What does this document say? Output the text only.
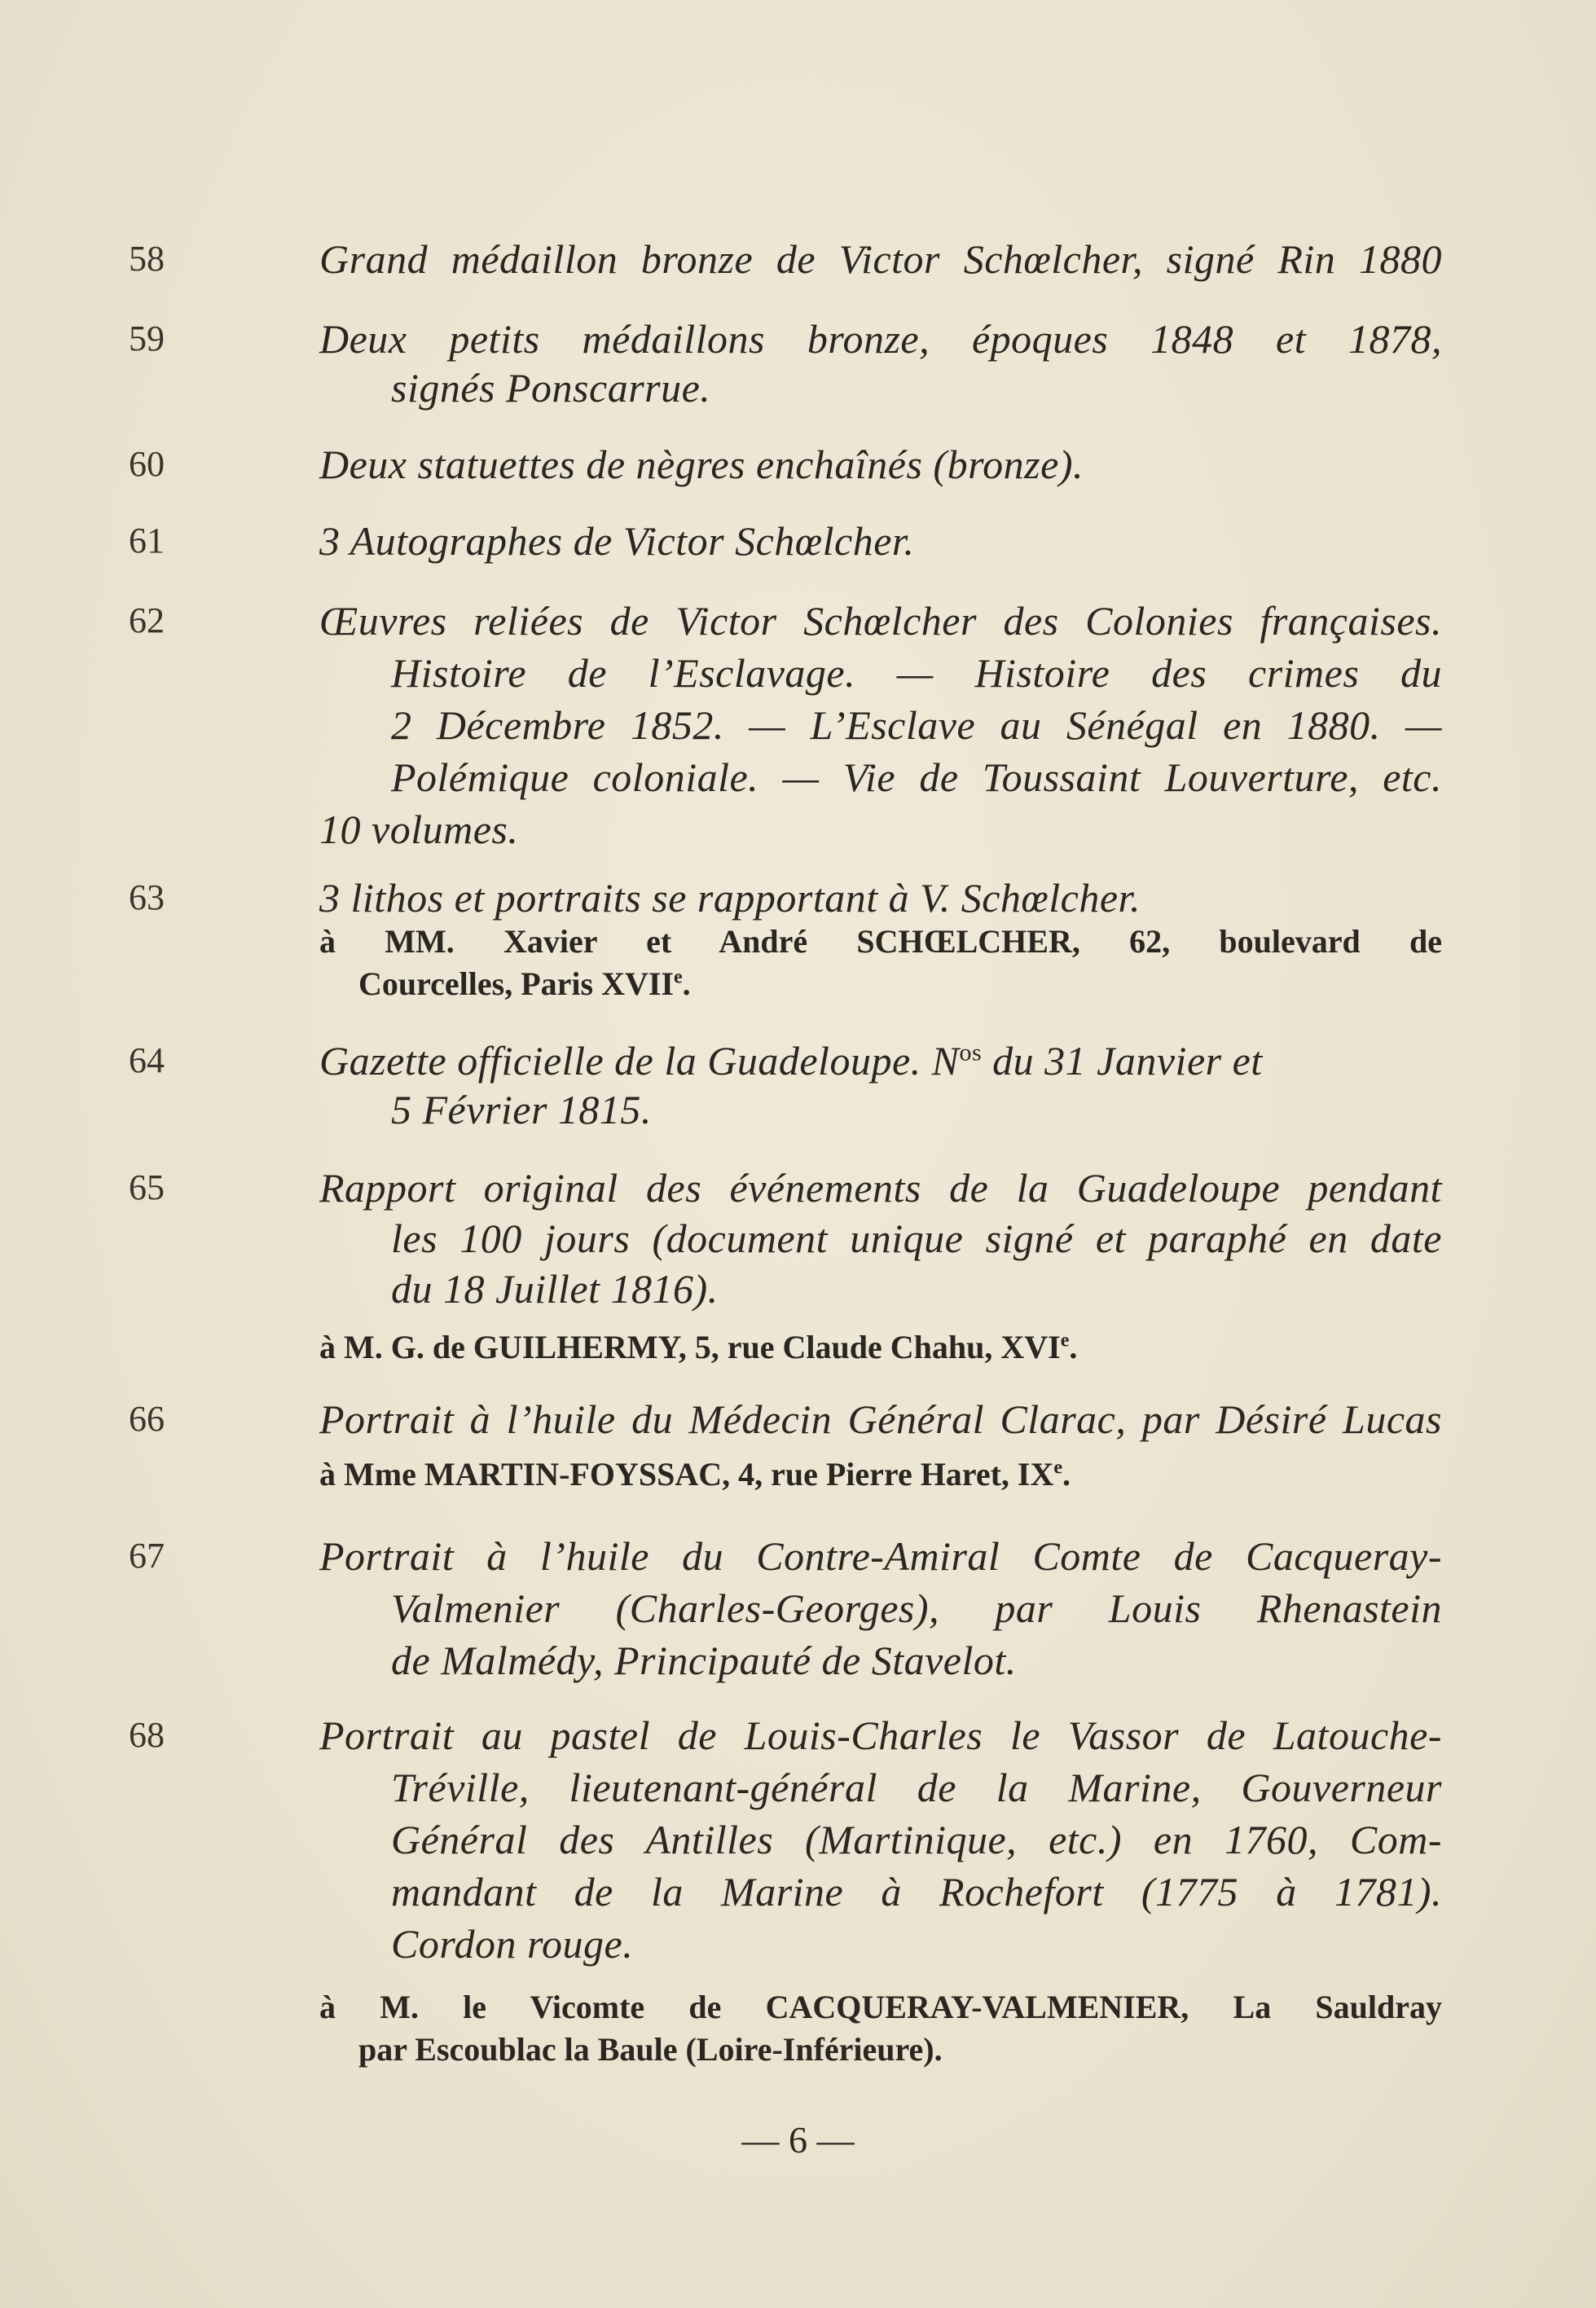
58	Grand médaillon bronze de Victor Schœlcher, signé Rin 1880
59	Deux petits médaillons bronze, époques 1848 et 1878,
signés Ponscarrue.
60	Deux statuettes de nègres enchaînés (bronze).
61	3 Autographes de Victor Schœlcher.
62	Œuvres reliées de Victor Schœlcher des Colonies françaises.
Histoire de l’Esclavage. — Histoire des crimes du
2 Décembre 1852. — L’Esclave au Sénégal en 1880. —
Polémique coloniale. — Vie de Toussaint Louverture, etc.
10 volumes.
63	3 lithos et portraits se rapportant à V. Schœlcher.
à MM. Xavier et André SCHŒLCHER, 62, boulevard de
Courcelles, Paris XVIIe.
64	Gazette officielle de la Guadeloupe. $N^{os}$ du 31 Janvier et
5 Février 1815.
65	Rapport original des événements de la Guadeloupe pendant
les 100 jours (document unique signé et paraphé en date
du 18 Juillet 1816).
à M. G. de GUILHERMY, 5, rue Claude Chahu, XVIe.
66	Portrait à l’huile du Médecin Général Clarac, par Désiré Lucas
à Mme MARTIN-FOYSSAC, 4, rue Pierre Haret, IXe.
67	Portrait à l’huile du Contre-Amiral Comte de Cacqueray-
Valmenier (Charles-Georges), par Louis Rhenastein
de Malmédy, Principauté de Stavelot.
68	Portrait au pastel de Louis-Charles le Vassor de Latouche-
Tréville, lieutenant-général de la Marine, Gouverneur
Général des Antilles (Martinique, etc.) en 1760, Com-
mandant de la Marine à Rochefort (1775 à 1781).
Cordon rouge.
à M. le Vicomte de CACQUERAY-VALMENIER, La Sauldray
par Escoublac la Baule (Loire-Inférieure).
— 6 —
